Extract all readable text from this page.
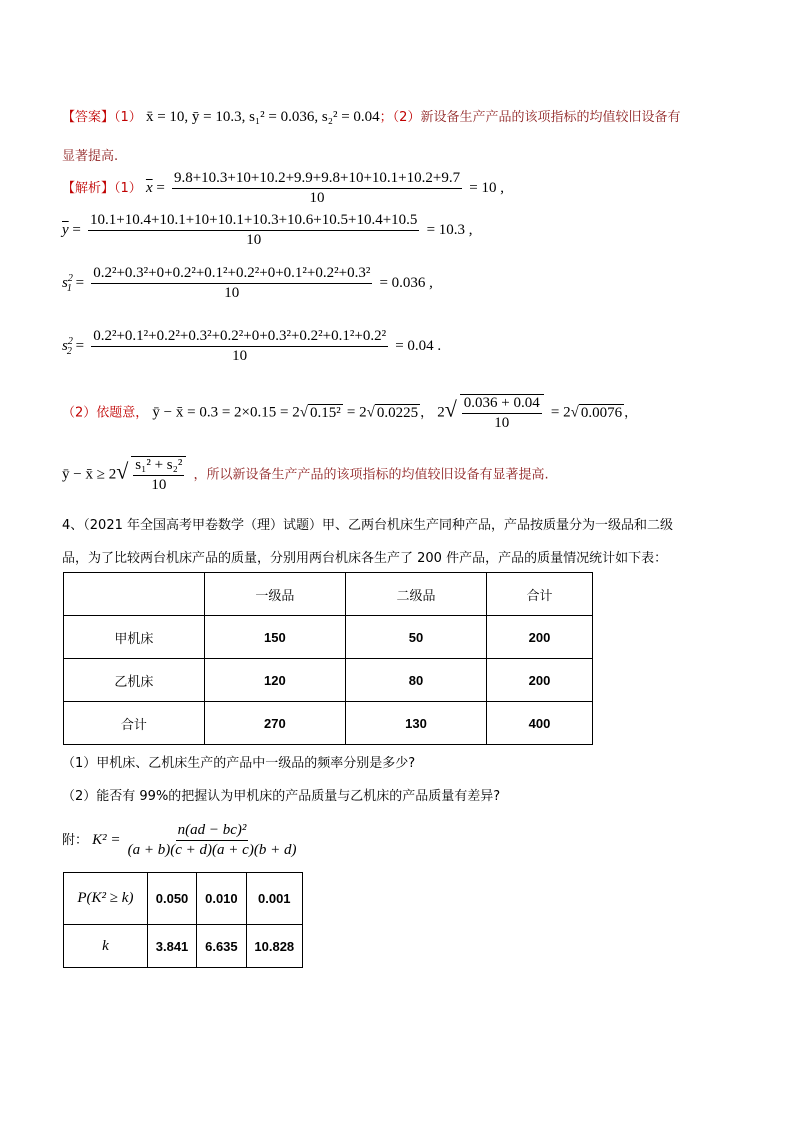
【答案】（1） x̄ = 10, ȳ = 10.3, s₁² = 0.036, s₂² = 0.04；（2）新设备生产产品的该项指标的均值较旧设备有
显著提高.
【解析】（1） $\overline{x} = \frac{9.8+10.3+10+10.2+9.9+9.8+10+10.1+10.2+9.7}{10} = 10$ ,
$\overline{y} = \frac{10.1+10.4+10.1+10+10.1+10.3+10.6+10.5+10.4+10.5}{10} = 10.3$ ,
$s^2_1 = \frac{\text{0.2²+0.3²+0+0.2²+0.1²+0.2²+0+0.1²+0.2²+0.3²}}{10} = 0.036$ ,
$s^2_2 = \frac{\text{0.2²+0.1²+0.2²+0.3²+0.2²+0+0.3²+0.2²+0.1²+0.2²}}{10} = 0.04$ .
（2）依题意， ȳ − x̄ = 0.3 = 2×0.15 = 2√ 0.15² = 2√ 0.0225 ， $2√ \frac{0.036 + 0.04}{10} = 2√$ 0.0076 ，
ȳ − x̄ ≥ $2√ \frac{\text{s₁² + s₂²}}{10}$ ，所以新设备生产产品的该项指标的均值较旧设备有显著提高.
4、（2021 年全国高考甲卷数学（理）试题）甲、乙两台机床生产同种产品，产品按质量分为一级品和二级
品，为了比较两台机床产品的质量，分别用两台机床各生产了 200 件产品，产品的质量情况统计如下表：
	一级品	二级品	合计
甲机床	150	50	200
乙机床	120	80	200
合计	270	130	400
（1）甲机床、乙机床生产的产品中一级品的频率分别是多少?
（2）能否有 99%的把握认为甲机床的产品质量与乙机床的产品质量有差异?
附： $K^2 = \frac{\text{n(ad − bc)²}}{(a + b)(c + d)(a + c)(b + d)}$
P(K² ≥ k)	0.050	0.010	0.001
k	3.841	6.635	10.828
